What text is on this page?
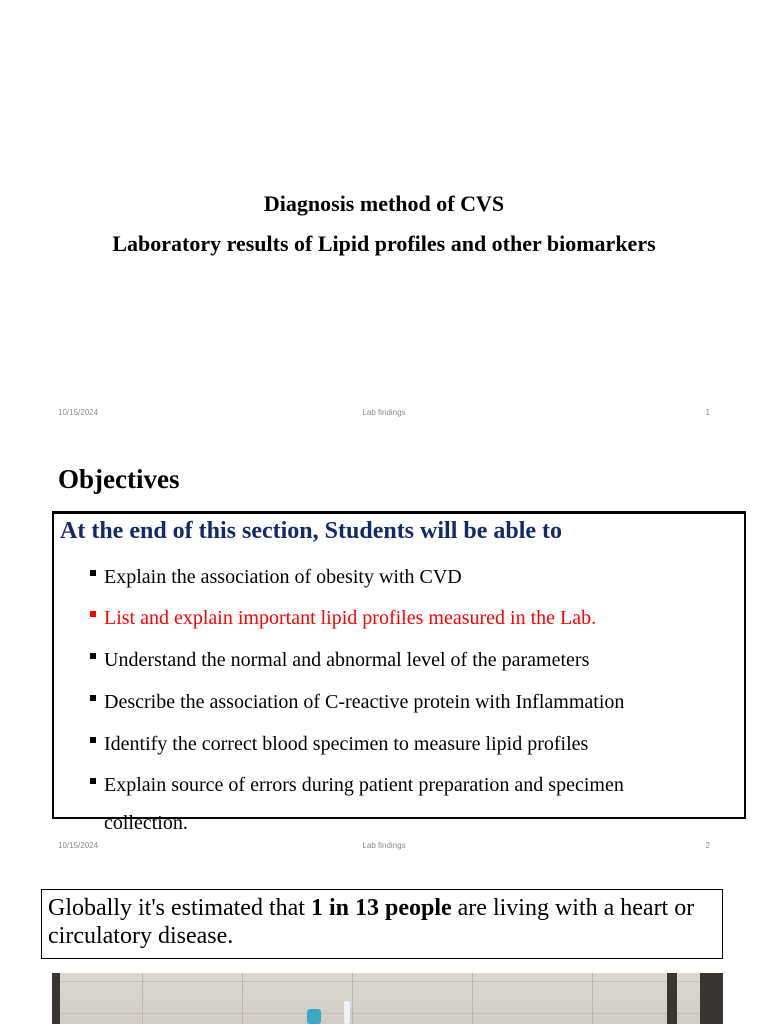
Diagnosis method of CVS
Laboratory results of Lipid profiles and other biomarkers
10/15/2024	Lab findings	1
Objectives
At the end of this section, Students will be able to
Explain the association of obesity with CVD
List and explain important lipid profiles measured in the Lab.
Understand the normal and abnormal level of the parameters
Describe the association of C-reactive protein with Inflammation
Identify the correct blood specimen to measure lipid profiles
Explain source of errors during patient preparation and specimen collection.
10/15/2024	Lab findings	2
Globally it's estimated that 1 in 13 people are living with a heart or circulatory disease.
